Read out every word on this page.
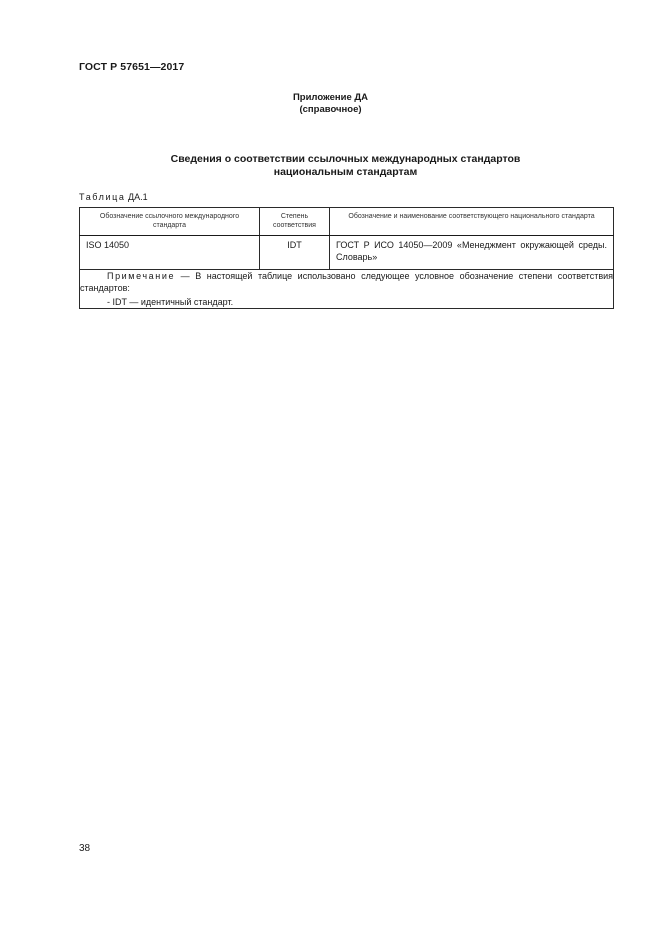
ГОСТ Р 57651—2017
Приложение ДА
(справочное)
Сведения о соответствии ссылочных международных стандартов
национальным стандартам
Таблица ДА.1
Обозначение ссылочного международного стандарта	Степень соответствия	Обозначение и наименование соответствующего национального стандарта
ISO 14050	IDT	ГОСТ Р ИСО 14050—2009 «Менеджмент окружающей среды. Словарь»

Примечание — В настоящей таблице использовано следующее условное обозначение степени соответствия стандартов:
- IDT — идентичный стандарт.		
38
